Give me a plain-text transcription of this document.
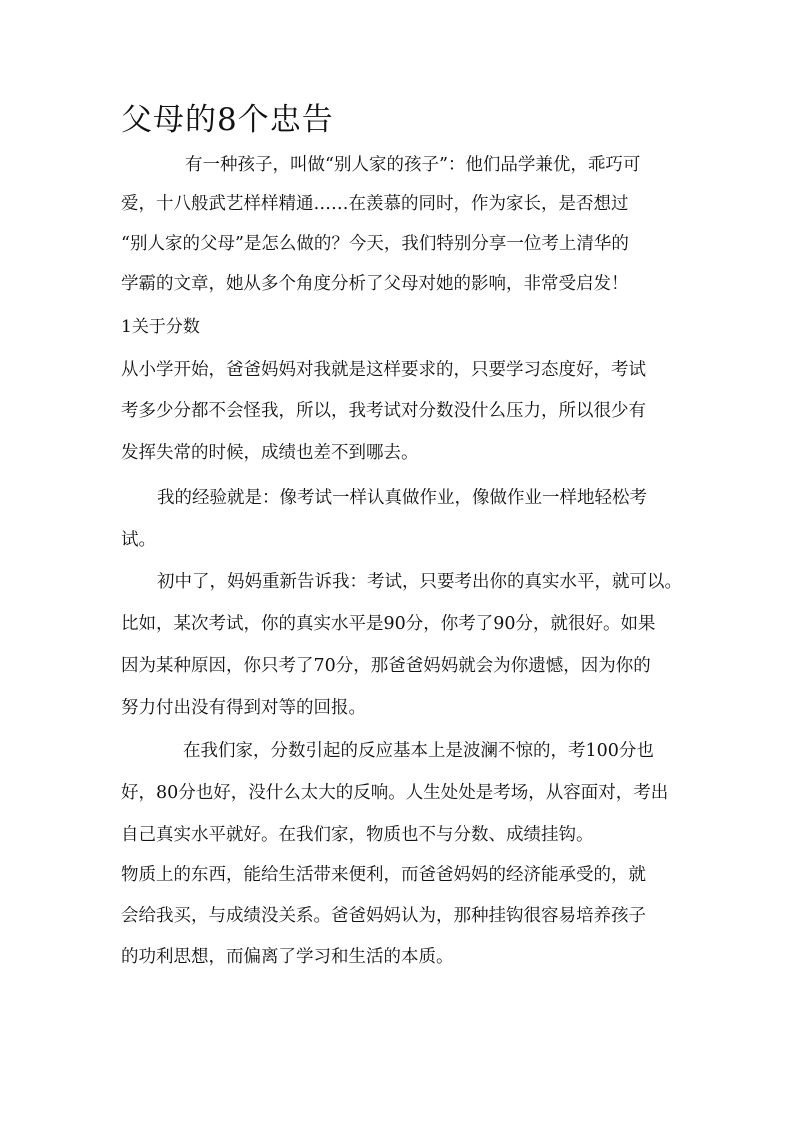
父母的8个忠告

有一种孩子，叫做“别人家的孩子”：他们品学兼优，乖巧可

爱，十八般武艺样样精通……在羡慕的同时，作为家长，是否想过

“别人家的父母”是怎么做的？今天，我们特别分享一位考上清华的

学霸的文章，她从多个角度分析了父母对她的影响，非常受启发！

1关于分数

从小学开始，爸爸妈妈对我就是这样要求的，只要学习态度好，考试

考多少分都不会怪我，所以，我考试对分数没什么压力，所以很少有

发挥失常的时候，成绩也差不到哪去。

我的经验就是：像考试一样认真做作业，像做作业一样地轻松考

试。

初中了，妈妈重新告诉我：考试，只要考出你的真实水平，就可以。

比如，某次考试，你的真实水平是90分，你考了90分，就很好。如果

因为某种原因，你只考了70分，那爸爸妈妈就会为你遗憾，因为你的

努力付出没有得到对等的回报。

在我们家，分数引起的反应基本上是波澜不惊的，考100分也

好，80分也好，没什么太大的反响。人生处处是考场，从容面对，考出

自己真实水平就好。在我们家，物质也不与分数、成绩挂钩。

物质上的东西，能给生活带来便利，而爸爸妈妈的经济能承受的，就

会给我买，与成绩没关系。爸爸妈妈认为，那种挂钩很容易培养孩子

的功利思想，而偏离了学习和生活的本质。
